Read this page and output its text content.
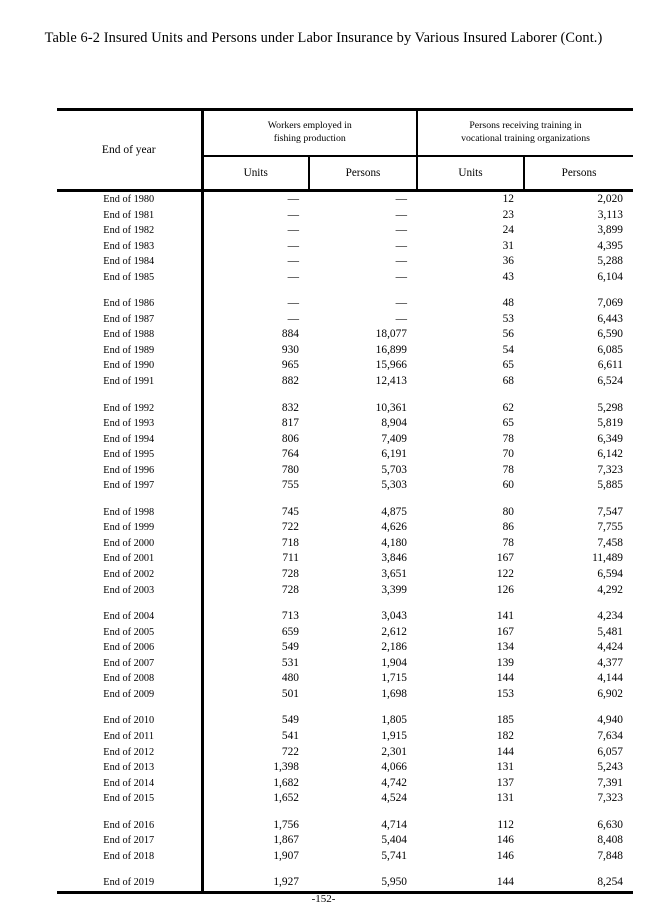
Table 6-2 Insured Units and Persons under Labor Insurance by Various Insured Laborer (Cont.)
End of year	Workers employed in
fishing production		Persons receiving training in
vocational training organizations	
	Units	Persons	Units	Persons
End of 1980	—	—	12	2,020
End of 1981	—	—	23	3,113
End of 1982	—	—	24	3,899
End of 1983	—	—	31	4,395
End of 1984	—	—	36	5,288
End of 1985	—	—	43	6,104

End of 1986	—	—	48	7,069
End of 1987	—	—	53	6,443
End of 1988	884	18,077	56	6,590
End of 1989	930	16,899	54	6,085
End of 1990	965	15,966	65	6,611
End of 1991	882	12,413	68	6,524

End of 1992	832	10,361	62	5,298
End of 1993	817	8,904	65	5,819
End of 1994	806	7,409	78	6,349
End of 1995	764	6,191	70	6,142
End of 1996	780	5,703	78	7,323
End of 1997	755	5,303	60	5,885

End of 1998	745	4,875	80	7,547
End of 1999	722	4,626	86	7,755
End of 2000	718	4,180	78	7,458
End of 2001	711	3,846	167	11,489
End of 2002	728	3,651	122	6,594
End of 2003	728	3,399	126	4,292

End of 2004	713	3,043	141	4,234
End of 2005	659	2,612	167	5,481
End of 2006	549	2,186	134	4,424
End of 2007	531	1,904	139	4,377
End of 2008	480	1,715	144	4,144
End of 2009	501	1,698	153	6,902

End of 2010	549	1,805	185	4,940
End of 2011	541	1,915	182	7,634
End of 2012	722	2,301	144	6,057
End of 2013	1,398	4,066	131	5,243
End of 2014	1,682	4,742	137	7,391
End of 2015	1,652	4,524	131	7,323

End of 2016	1,756	4,714	112	6,630
End of 2017	1,867	5,404	146	8,408
End of 2018	1,907	5,741	146	7,848

End of 2019	1,927	5,950	144	8,254
-152-
